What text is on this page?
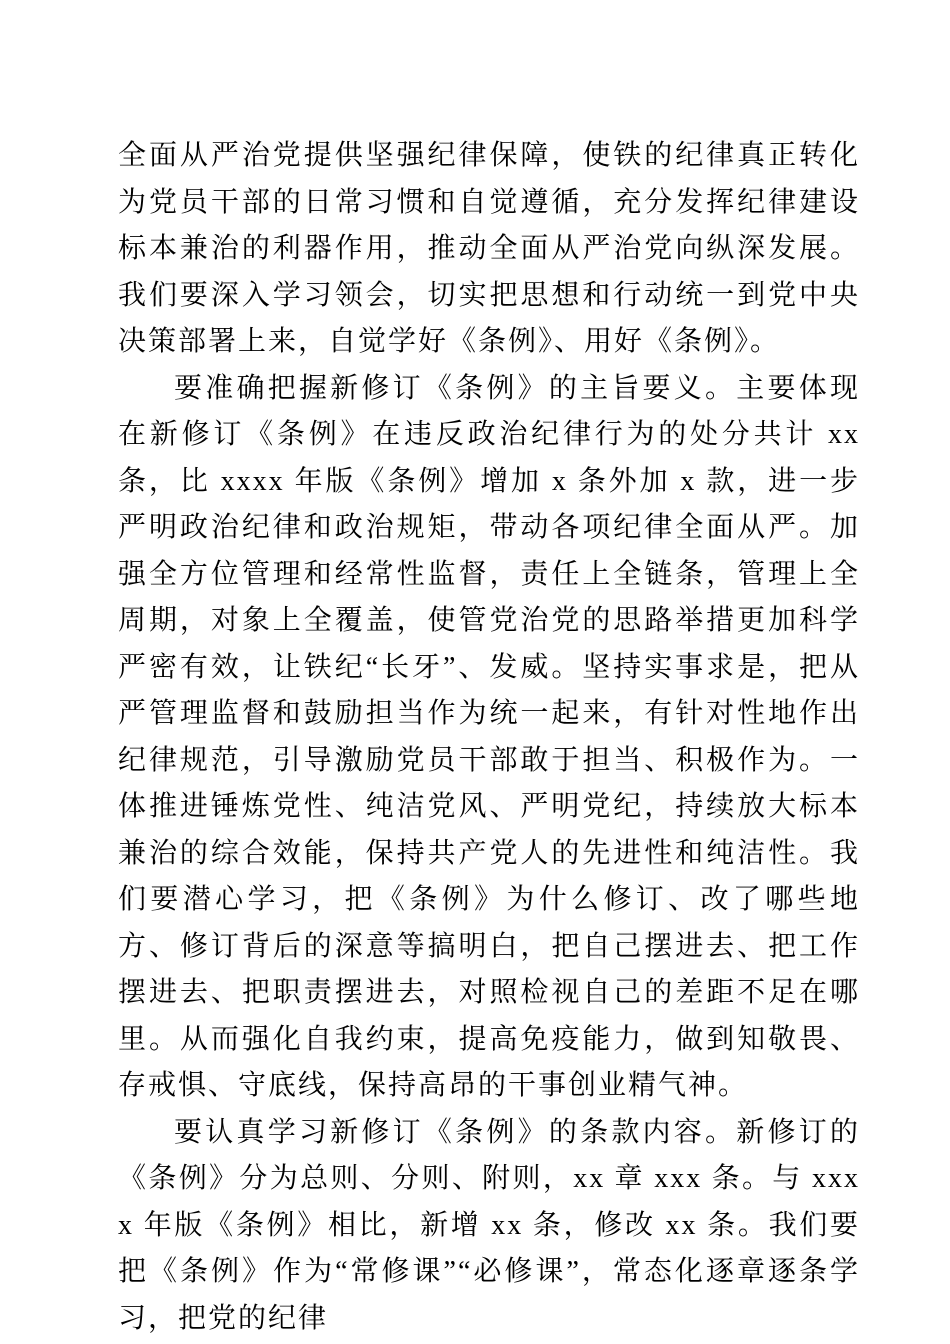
全面从严治党提供坚强纪律保障，使铁的纪律真正转化为党员干部的日常习惯和自觉遵循，充分发挥纪律建设标本兼治的利器作用，推动全面从严治党向纵深发展。我们要深入学习领会，切实把思想和行动统一到党中央决策部署上来，自觉学好《条例》、用好《条例》。

要准确把握新修订《条例》的主旨要义。主要体现在新修订《条例》在违反政治纪律行为的处分共计 xx 条，比 xxxx 年版《条例》增加 x 条外加 x 款，进一步严明政治纪律和政治规矩，带动各项纪律全面从严。加强全方位管理和经常性监督，责任上全链条，管理上全周期，对象上全覆盖，使管党治党的思路举措更加科学严密有效，让铁纪“长牙”、发威。坚持实事求是，把从严管理监督和鼓励担当作为统一起来，有针对性地作出纪律规范，引导激励党员干部敢于担当、积极作为。一体推进锤炼党性、纯洁党风、严明党纪，持续放大标本兼治的综合效能，保持共产党人的先进性和纯洁性。我们要潜心学习，把《条例》为什么修订、改了哪些地方、修订背后的深意等搞明白，把自己摆进去、把工作摆进去、把职责摆进去，对照检视自己的差距不足在哪里。从而强化自我约束，提高免疫能力，做到知敬畏、存戒惧、守底线，保持高昂的干事创业精气神。

要认真学习新修订《条例》的条款内容。新修订的《条例》分为总则、分则、附则，xx 章 xxx 条。与 xxxx 年版《条例》相比，新增 xx 条，修改 xx 条。我们要把《条例》作为“常修课”“必修课”，常态化逐章逐条学习，把党的纪律
